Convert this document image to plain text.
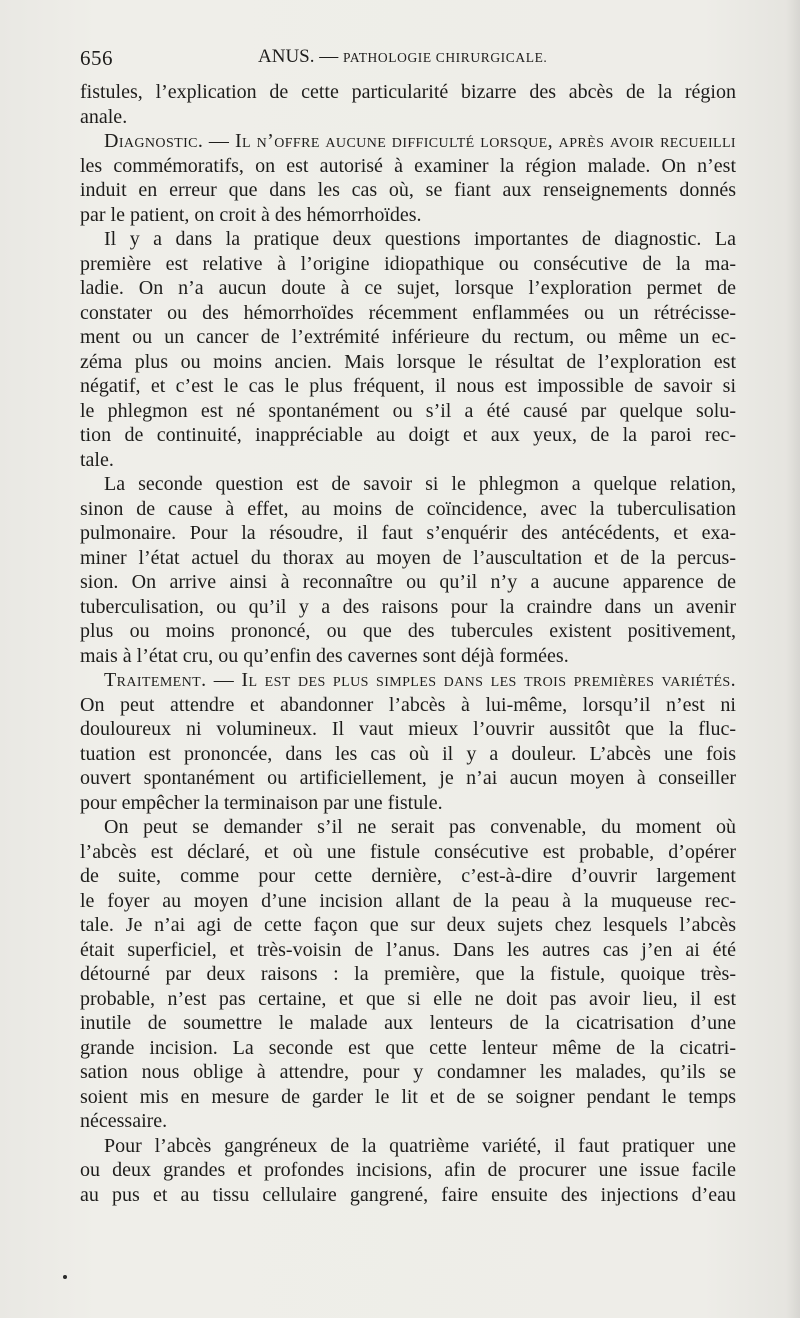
656	ANUS. — PATHOLOGIE CHIRURGICALE.
fistules, l’explication de cette particularité bizarre des abcès de la région
anale.
Diagnostic. — Il n’offre aucune difficulté lorsque, après avoir recueilli
les commémoratifs, on est autorisé à examiner la région malade. On n’est
induit en erreur que dans les cas où, se fiant aux renseignements donnés
par le patient, on croit à des hémorrhoïdes.
Il y a dans la pratique deux questions importantes de diagnostic. La
première est relative à l’origine idiopathique ou consécutive de la ma-
ladie. On n’a aucun doute à ce sujet, lorsque l’exploration permet de
constater ou des hémorrhoïdes récemment enflammées ou un rétrécisse-
ment ou un cancer de l’extrémité inférieure du rectum, ou même un ec-
zéma plus ou moins ancien. Mais lorsque le résultat de l’exploration est
négatif, et c’est le cas le plus fréquent, il nous est impossible de savoir si
le phlegmon est né spontanément ou s’il a été causé par quelque solu-
tion de continuité, inappréciable au doigt et aux yeux, de la paroi rec-
tale.
La seconde question est de savoir si le phlegmon a quelque relation,
sinon de cause à effet, au moins de coïncidence, avec la tuberculisation
pulmonaire. Pour la résoudre, il faut s’enquérir des antécédents, et exa-
miner l’état actuel du thorax au moyen de l’auscultation et de la percus-
sion. On arrive ainsi à reconnaître ou qu’il n’y a aucune apparence de
tuberculisation, ou qu’il y a des raisons pour la craindre dans un avenir
plus ou moins prononcé, ou que des tubercules existent positivement,
mais à l’état cru, ou qu’enfin des cavernes sont déjà formées.
Traitement. — Il est des plus simples dans les trois premières variétés.
On peut attendre et abandonner l’abcès à lui-même, lorsqu’il n’est ni
douloureux ni volumineux. Il vaut mieux l’ouvrir aussitôt que la fluc-
tuation est prononcée, dans les cas où il y a douleur. L’abcès une fois
ouvert spontanément ou artificiellement, je n’ai aucun moyen à conseiller
pour empêcher la terminaison par une fistule.
On peut se demander s’il ne serait pas convenable, du moment où
l’abcès est déclaré, et où une fistule consécutive est probable, d’opérer
de suite, comme pour cette dernière, c’est-à-dire d’ouvrir largement
le foyer au moyen d’une incision allant de la peau à la muqueuse rec-
tale. Je n’ai agi de cette façon que sur deux sujets chez lesquels l’abcès
était superficiel, et très-voisin de l’anus. Dans les autres cas j’en ai été
détourné par deux raisons : la première, que la fistule, quoique très-
probable, n’est pas certaine, et que si elle ne doit pas avoir lieu, il est
inutile de soumettre le malade aux lenteurs de la cicatrisation d’une
grande incision. La seconde est que cette lenteur même de la cicatri-
sation nous oblige à attendre, pour y condamner les malades, qu’ils se
soient mis en mesure de garder le lit et de se soigner pendant le temps
nécessaire.
Pour l’abcès gangréneux de la quatrième variété, il faut pratiquer une
ou deux grandes et profondes incisions, afin de procurer une issue facile
au pus et au tissu cellulaire gangrené, faire ensuite des injections d’eau
